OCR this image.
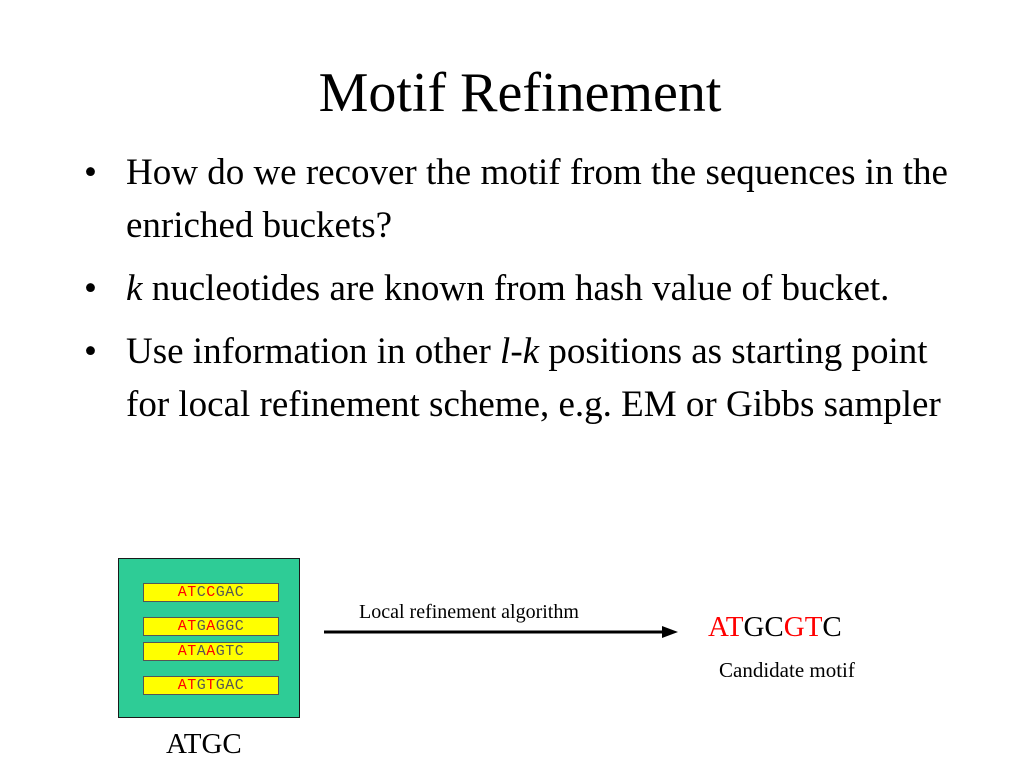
Motif Refinement
• How do we recover the motif from the sequences in the enriched buckets?
• k nucleotides are known from hash value of bucket.
• Use information in other l-k positions as starting point for local refinement scheme, e.g. EM or Gibbs sampler
ATCCGAC
ATGAGGC
ATAAGTC
ATGTGAC
ATGC
Local refinement algorithm	ATGCGTC
Candidate motif
